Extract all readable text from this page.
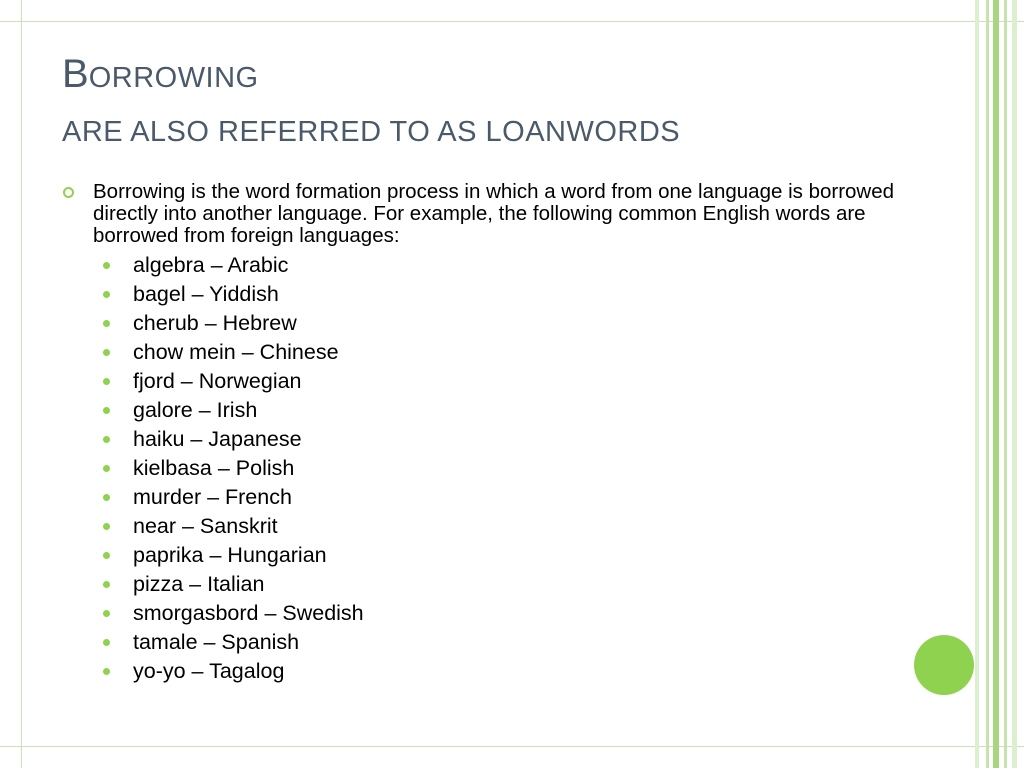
BORROWING
ARE ALSO REFERRED TO AS LOANWORDS
Borrowing is the word formation process in which a word from one language is borrowed directly into another language. For example, the following common English words are borrowed from foreign languages:
algebra – Arabic
bagel – Yiddish
cherub – Hebrew
chow mein – Chinese
fjord – Norwegian
galore – Irish
haiku – Japanese
kielbasa – Polish
murder – French
near – Sanskrit
paprika – Hungarian
pizza – Italian
smorgasbord – Swedish
tamale – Spanish
yo-yo – Tagalog
